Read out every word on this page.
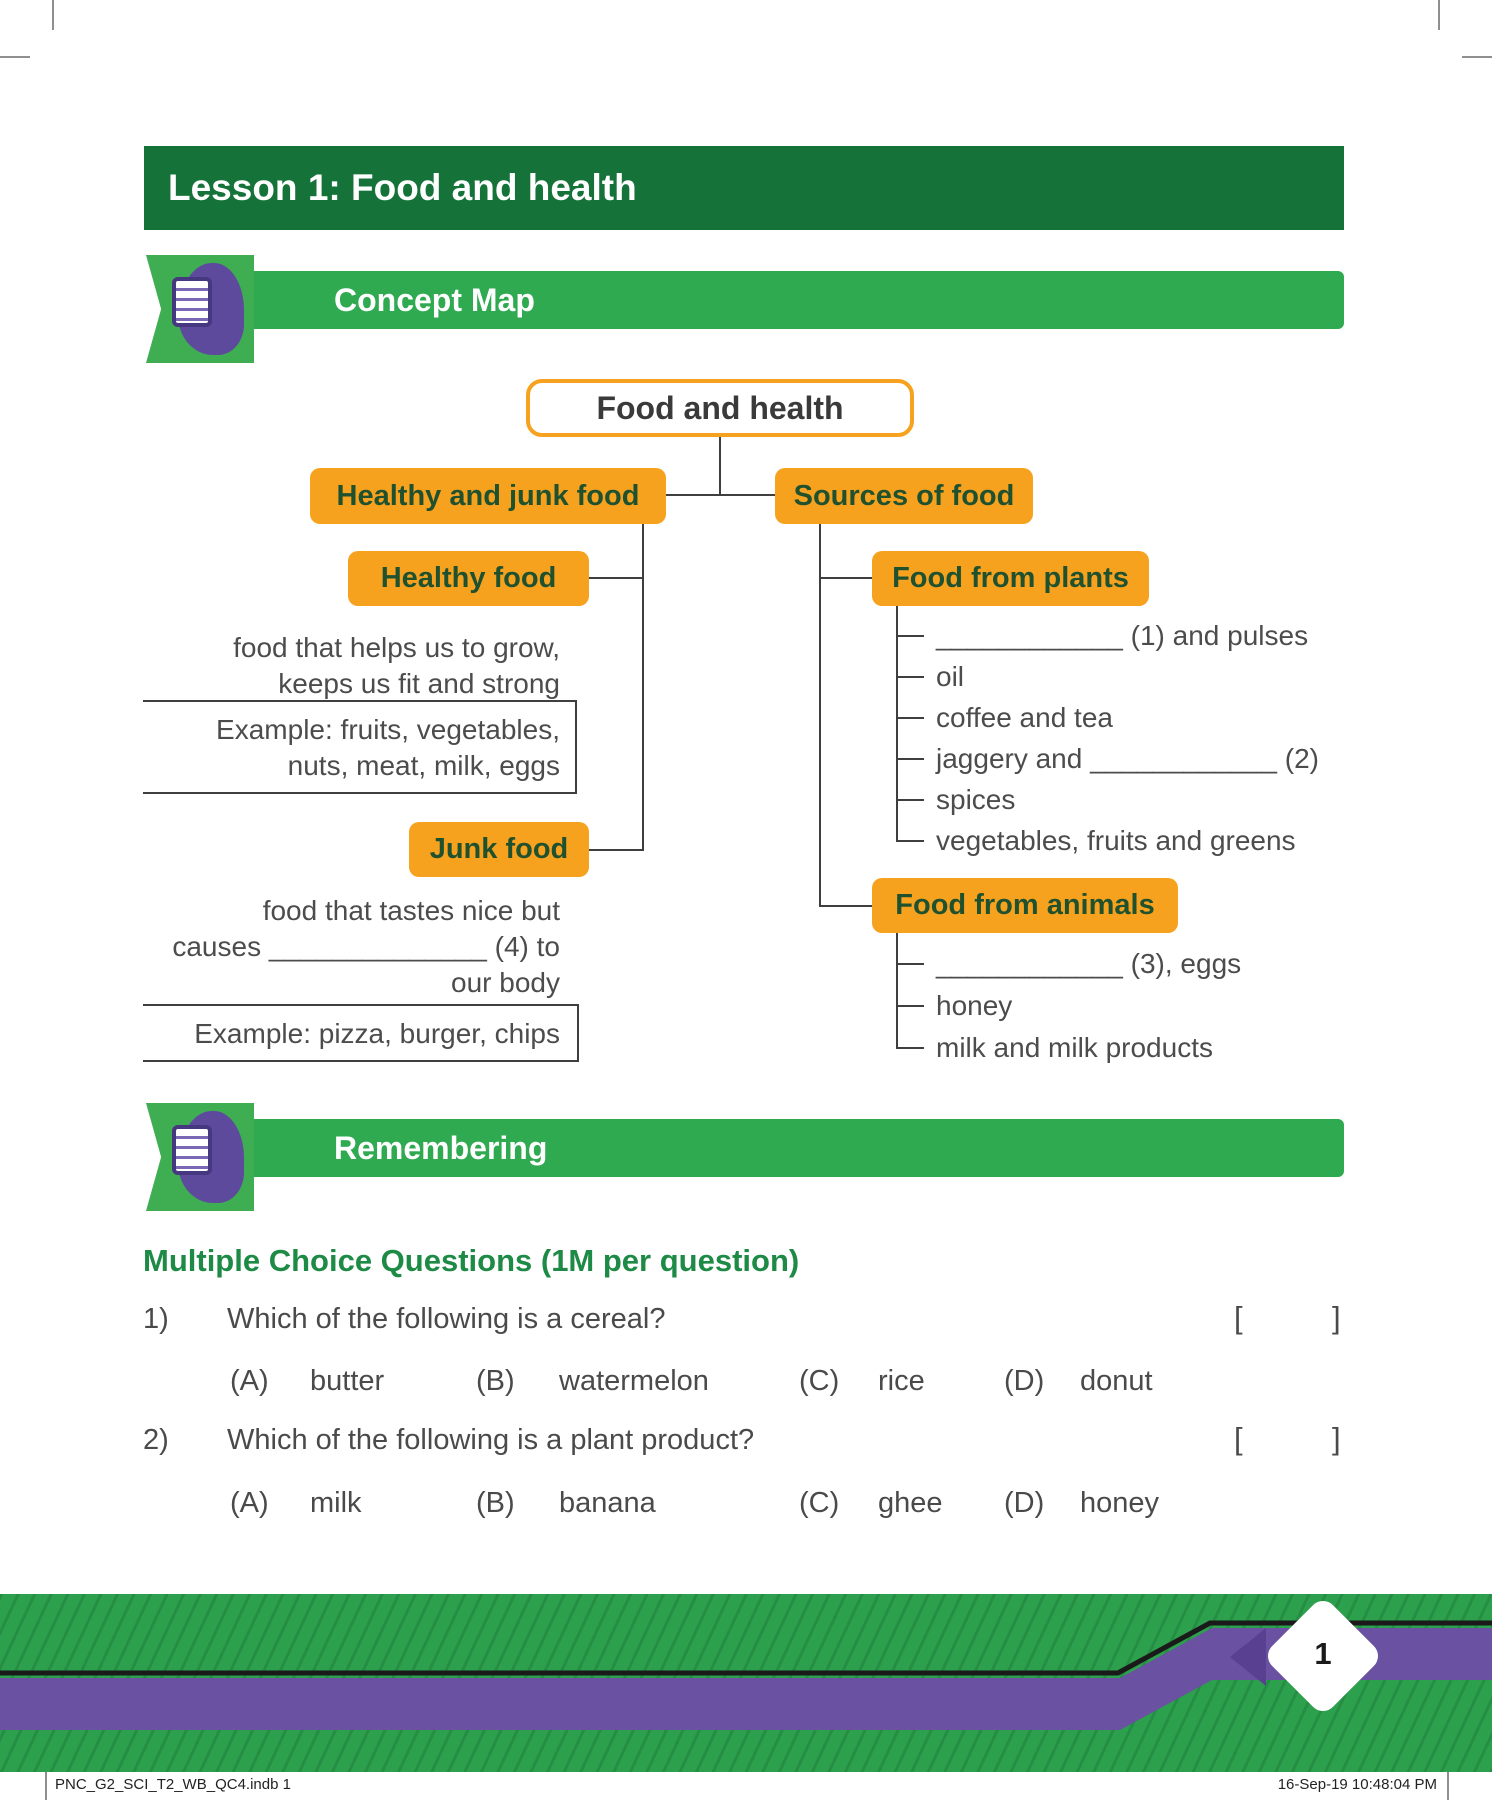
Lesson 1: Food and health
Concept Map
Food and health
Healthy and junk food	Sources of food
Healthy food
Junk food
food that helps us to grow,
keeps us fit and strong
Example: fruits, vegetables,
nuts, meat, milk, eggs
food that tastes nice but
causes ______________ (4) to
our body
Example: pizza, burger, chips
Food from plants
Food from animals
____________ (1) and pulses
oil
coffee and tea
jaggery and ____________ (2)
spices
vegetables, fruits and greens
____________ (3), eggs
honey
milk and milk products
Remembering
Multiple Choice Questions (1M per question)
1) Which of the following is a cereal?	[	]
(A) butter	(B) watermelon	(C) rice	(D) donut
2) Which of the following is a plant product?	[	]
(A) milk	(B) banana	(C) ghee (D) honey
1
PNC_G2_SCI_T2_WB_QC4.indb 1	16-Sep-19 10:48:04 PM
